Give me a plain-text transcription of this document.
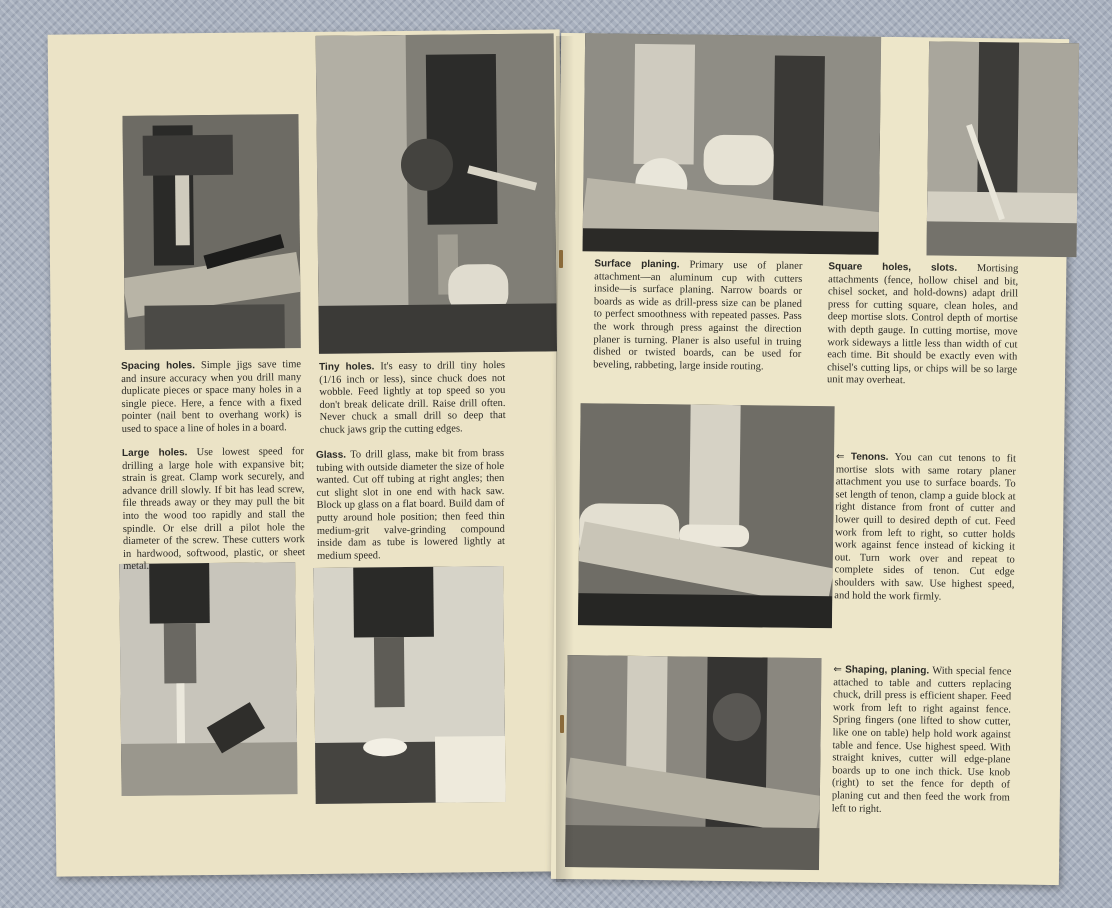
Spacing holes. Simple jigs save time and insure accuracy when you drill many duplicate pieces or space many holes in a single piece. Here, a fence with a fixed pointer (nail bent to overhang work) is used to space a line of holes in a board.

Tiny holes. It's easy to drill tiny holes (1/16 inch or less), since chuck does not wobble. Feed lightly at top speed so you don't break delicate drill. Raise drill often. Never chuck a small drill so deep that chuck jaws grip the cutting edges.

Large holes. Use lowest speed for drilling a large hole with expansive bit; strain is great. Clamp work securely, and advance drill slowly. If bit has lead screw, file threads away or they may pull the bit into the wood too rapidly and stall the spindle. Or else drill a pilot hole the diameter of the screw. These cutters work in hardwood, softwood, plastic, or sheet metal.

Glass. To drill glass, make bit from brass tubing with outside diameter the size of hole wanted. Cut off tubing at right angles; then cut slight slot in one end with hack saw. Block up glass on a flat board. Build dam of putty around hole position; then feed thin medium-grit valve-grinding compound inside dam as tube is lowered lightly at medium speed.

Surface planing. Primary use of planer attachment—an aluminum cup with cutters inside—is surface planing. Narrow boards or boards as wide as drill-press size can be planed to perfect smoothness with repeated passes. Pass the work through press against the direction planer is turning. Planer is also useful in truing dished or twisted boards, can be used for beveling, rabbeting, large inside routing.

Square holes, slots. Mortising attachments (fence, hollow chisel and bit, chisel socket, and hold-downs) adapt drill press for cutting square, clean holes, and deep mortise slots. Control depth of mortise with depth gauge. In cutting mortise, move work sideways a little less than width of cut each time. Bit should be exactly even with chisel's cutting lips, or chips will be so large unit may overheat.

⇐ Tenons. You can cut tenons to fit mortise slots with same rotary planer attachment you use to surface boards. To set length of tenon, clamp a guide block at right distance from front of cutter and lower quill to desired depth of cut. Feed work from left to right, so cutter holds work against fence instead of kicking it out. Turn work over and repeat to complete sides of tenon. Cut edge shoulders with saw. Use highest speed, and hold the work firmly.

⇐ Shaping, planing. With special fence attached to table and cutters replacing chuck, drill press is efficient shaper. Feed work from left to right against fence. Spring fingers (one lifted to show cutter, like one on table) help hold work against table and fence. Use highest speed. With straight knives, cutter will edge-plane boards up to one inch thick. Use knob (right) to set the fence for depth of planing cut and then feed the work from left to right.
